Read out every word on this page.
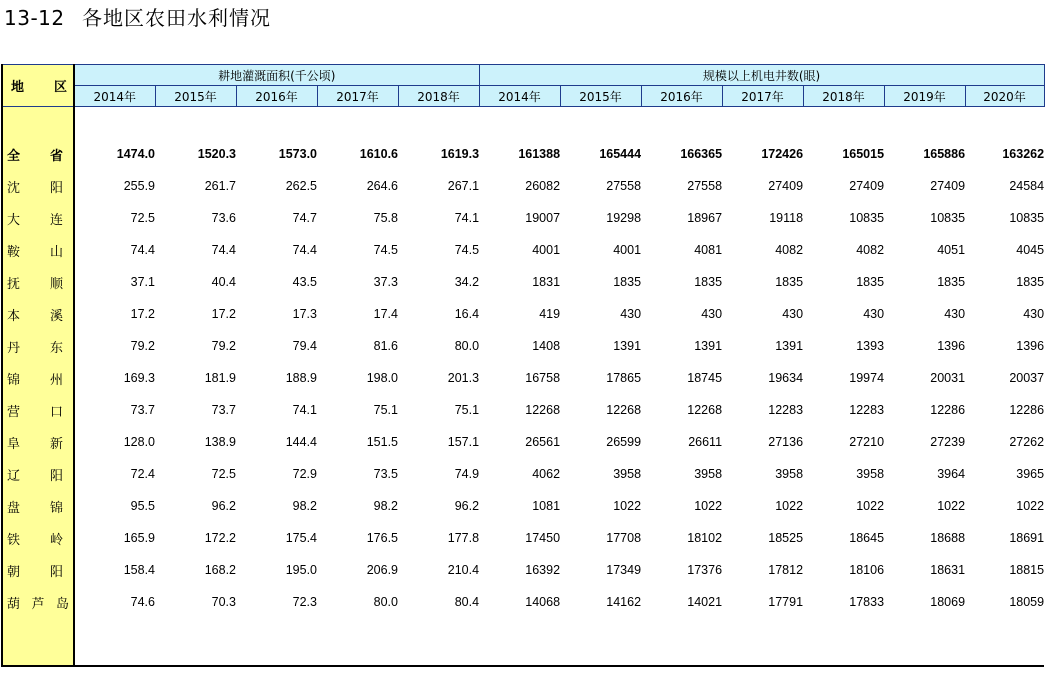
13-12 各地区农田水利情况
地 区	耕地灌溉面积(千公顷)					规模以上机电井数(眼)						
	2014年	2015年	2016年	2017年	2018年	2014年	2015年	2016年	2017年	2018年	2019年	2020年

全 省	1474.0	1520.3	1573.0	1610.6	1619.3	161388	165444	166365	172426	165015	165886	163262

沈 阳	255.9	261.7	262.5	264.6	267.1	26082	27558	27558	27409	27409	27409	24584

大 连	72.5	73.6	74.7	75.8	74.1	19007	19298	18967	19118	10835	10835	10835

鞍 山	74.4	74.4	74.4	74.5	74.5	4001	4001	4081	4082	4082	4051	4045

抚 顺	37.1	40.4	43.5	37.3	34.2	1831	1835	1835	1835	1835	1835	1835

本 溪	17.2	17.2	17.3	17.4	16.4	419	430	430	430	430	430	430

丹 东	79.2	79.2	79.4	81.6	80.0	1408	1391	1391	1391	1393	1396	1396

锦 州	169.3	181.9	188.9	198.0	201.3	16758	17865	18745	19634	19974	20031	20037

营 口	73.7	73.7	74.1	75.1	75.1	12268	12268	12268	12283	12283	12286	12286

阜 新	128.0	138.9	144.4	151.5	157.1	26561	26599	26611	27136	27210	27239	27262

辽 阳	72.4	72.5	72.9	73.5	74.9	4062	3958	3958	3958	3958	3964	3965

盘 锦	95.5	96.2	98.2	98.2	96.2	1081	1022	1022	1022	1022	1022	1022

铁 岭	165.9	172.2	175.4	176.5	177.8	17450	17708	18102	18525	18645	18688	18691

朝 阳	158.4	168.2	195.0	206.9	210.4	16392	17349	17376	17812	18106	18631	18815

葫 芦 岛	74.6	70.3	72.3	80.0	80.4	14068	14162	14021	17791	17833	18069	18059
